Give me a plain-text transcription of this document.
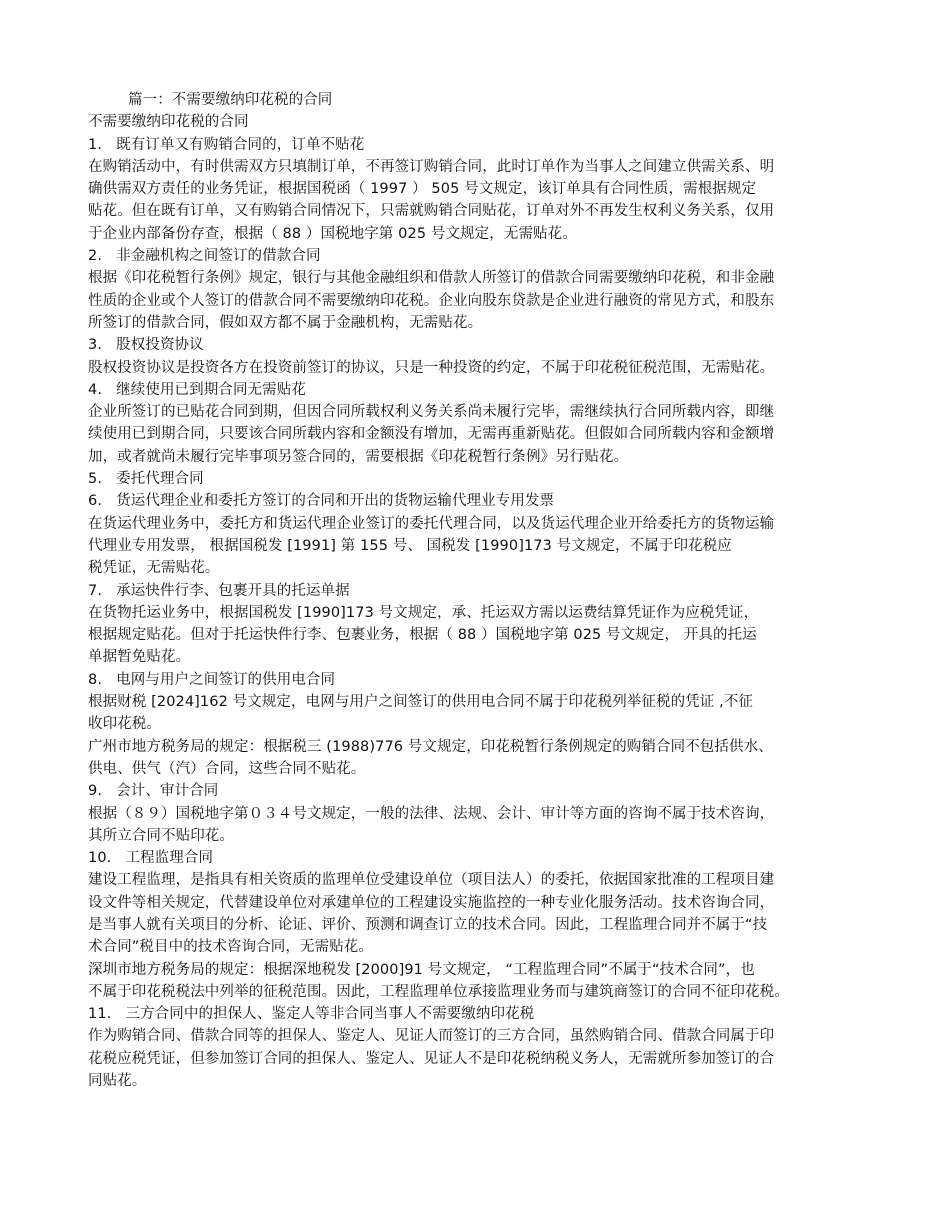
篇一：不需要缴纳印花税的合同
不需要缴纳印花税的合同
1.   既有订单又有购销合同的，订单不贴花
在购销活动中，有时供需双方只填制订单，不再签订购销合同，此时订单作为当事人之间建立供需关系、明
确供需双方责任的业务凭证，根据国税函（ 1997 ） 505 号文规定，该订单具有合同性质，需根据规定
贴花。但在既有订单，又有购销合同情况下，只需就购销合同贴花，订单对外不再发生权利义务关系，仅用
于企业内部备份存查，根据（ 88 ）国税地字第 025 号文规定，无需贴花。
2.   非金融机构之间签订的借款合同
根据《印花税暂行条例》规定，银行与其他金融组织和借款人所签订的借款合同需要缴纳印花税，和非金融
性质的企业或个人签订的借款合同不需要缴纳印花税。企业向股东贷款是企业进行融资的常见方式，和股东
所签订的借款合同，假如双方都不属于金融机构，无需贴花。
3.   股权投资协议
股权投资协议是投资各方在投资前签订的协议，只是一种投资的约定，不属于印花税征税范围，无需贴花。
4.   继续使用已到期合同无需贴花
企业所签订的已贴花合同到期，但因合同所载权利义务关系尚未履行完毕，需继续执行合同所载内容，即继
续使用已到期合同，只要该合同所载内容和金额没有增加，无需再重新贴花。但假如合同所载内容和金额增
加，或者就尚未履行完毕事项另签合同的，需要根据《印花税暂行条例》另行贴花。
5.   委托代理合同
6.   货运代理企业和委托方签订的合同和开出的货物运输代理业专用发票
在货运代理业务中，委托方和货运代理企业签订的委托代理合同，以及货运代理企业开给委托方的货物运输
代理业专用发票， 根据国税发 [1991] 第 155 号、 国税发 [1990]173 号文规定，不属于印花税应
税凭证，无需贴花。
7.   承运快件行李、包裹开具的托运单据
在货物托运业务中，根据国税发 [1990]173 号文规定，承、托运双方需以运费结算凭证作为应税凭证，
根据规定贴花。但对于托运快件行李、包裹业务，根据（ 88 ）国税地字第 025 号文规定， 开具的托运
单据暂免贴花。
8.   电网与用户之间签订的供用电合同
根据财税 [2024]162 号文规定，电网与用户之间签订的供用电合同不属于印花税列举征税的凭证 ,不征
收印花税。
广州市地方税务局的规定：根据税三 (1988)776 号文规定，印花税暂行条例规定的购销合同不包括供水、
供电、供气（汽）合同，这些合同不贴花。
9.   会计、审计合同
根据（８９）国税地字第０３４号文规定，一般的法律、法规、会计、审计等方面的咨询不属于技术咨询，
其所立合同不贴印花。
10.   工程监理合同
建设工程监理，是指具有相关资质的监理单位受建设单位（项目法人）的委托，依据国家批准的工程项目建
设文件等相关规定，代替建设单位对承建单位的工程建设实施监控的一种专业化服务活动。技术咨询合同，
是当事人就有关项目的分析、论证、评价、预测和调查订立的技术合同。因此，工程监理合同并不属于“技
术合同”税目中的技术咨询合同，无需贴花。
深圳市地方税务局的规定：根据深地税发 [2000]91 号文规定， “工程监理合同”不属于“技术合同”，也
不属于印花税税法中列举的征税范围。因此，工程监理单位承接监理业务而与建筑商签订的合同不征印花税。
11.   三方合同中的担保人、鉴定人等非合同当事人不需要缴纳印花税
作为购销合同、借款合同等的担保人、鉴定人、见证人而签订的三方合同，虽然购销合同、借款合同属于印
花税应税凭证，但参加签订合同的担保人、鉴定人、见证人不是印花税纳税义务人，无需就所参加签订的合
同贴花。
